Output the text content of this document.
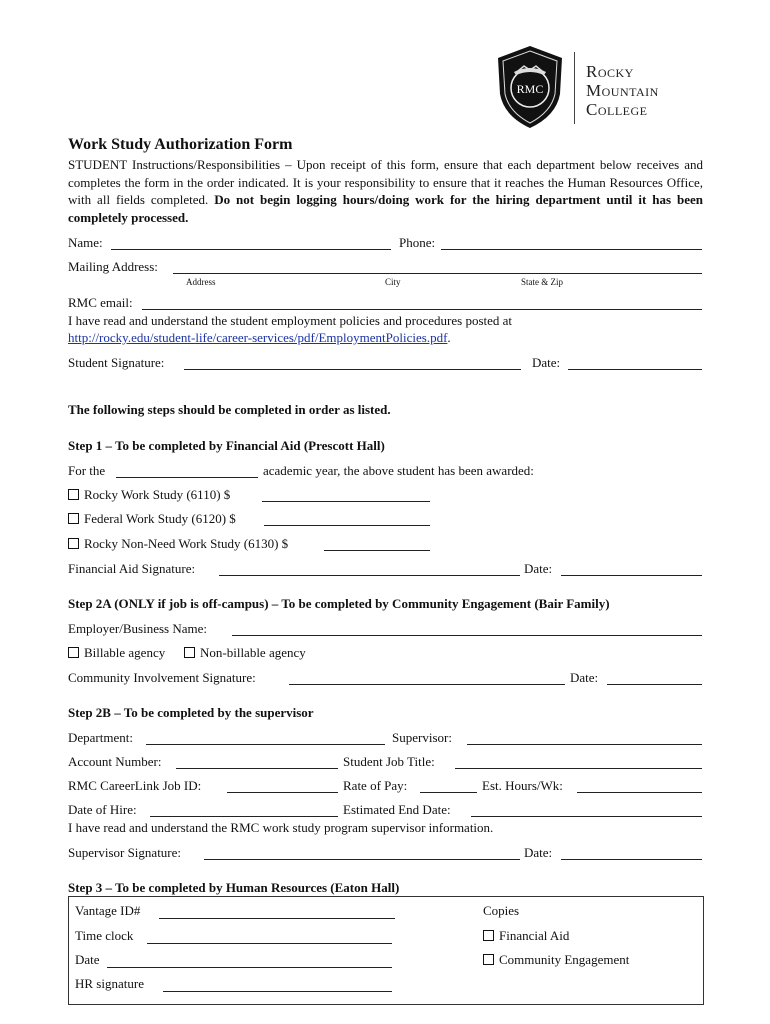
RMC
Rocky
Mountain
College
Work Study Authorization Form
STUDENT Instructions/Responsibilities – Upon receipt of this form, ensure that each department below receives and completes the form in the order indicated. It is your responsibility to ensure that it reaches the Human Resources Office, with all fields completed. Do not begin logging hours/doing work for the hiring department until it has been completely processed.
Name:	Phone:
Mailing Address:
Address	City	State & Zip
RMC email:
I have read and understand the student employment policies and procedures posted at
http://rocky.edu/student-life/career-services/pdf/EmploymentPolicies.pdf.
Student Signature:	Date:
The following steps should be completed in order as listed.
Step 1 – To be completed by Financial Aid (Prescott Hall)
For the	academic year, the above student has been awarded:
Rocky Work Study (6110) $
Federal Work Study (6120) $
Rocky Non-Need Work Study (6130) $
Financial Aid Signature:	Date:
Step 2A (ONLY if job is off-campus) – To be completed by Community Engagement (Bair Family)
Employer/Business Name:
Billable agency	Non-billable agency
Community Involvement Signature:	Date:
Step 2B – To be completed by the supervisor
Department:	Supervisor:
Account Number:	Student Job Title:
RMC CareerLink Job ID:	Rate of Pay:	Est. Hours/Wk:
Date of Hire:	Estimated End Date:
I have read and understand the RMC work study program supervisor information.
Supervisor Signature:	Date:
Step 3 – To be completed by Human Resources (Eaton Hall)
Vantage ID#
Time clock
Date
HR signature
Copies
Financial Aid
Community Engagement
